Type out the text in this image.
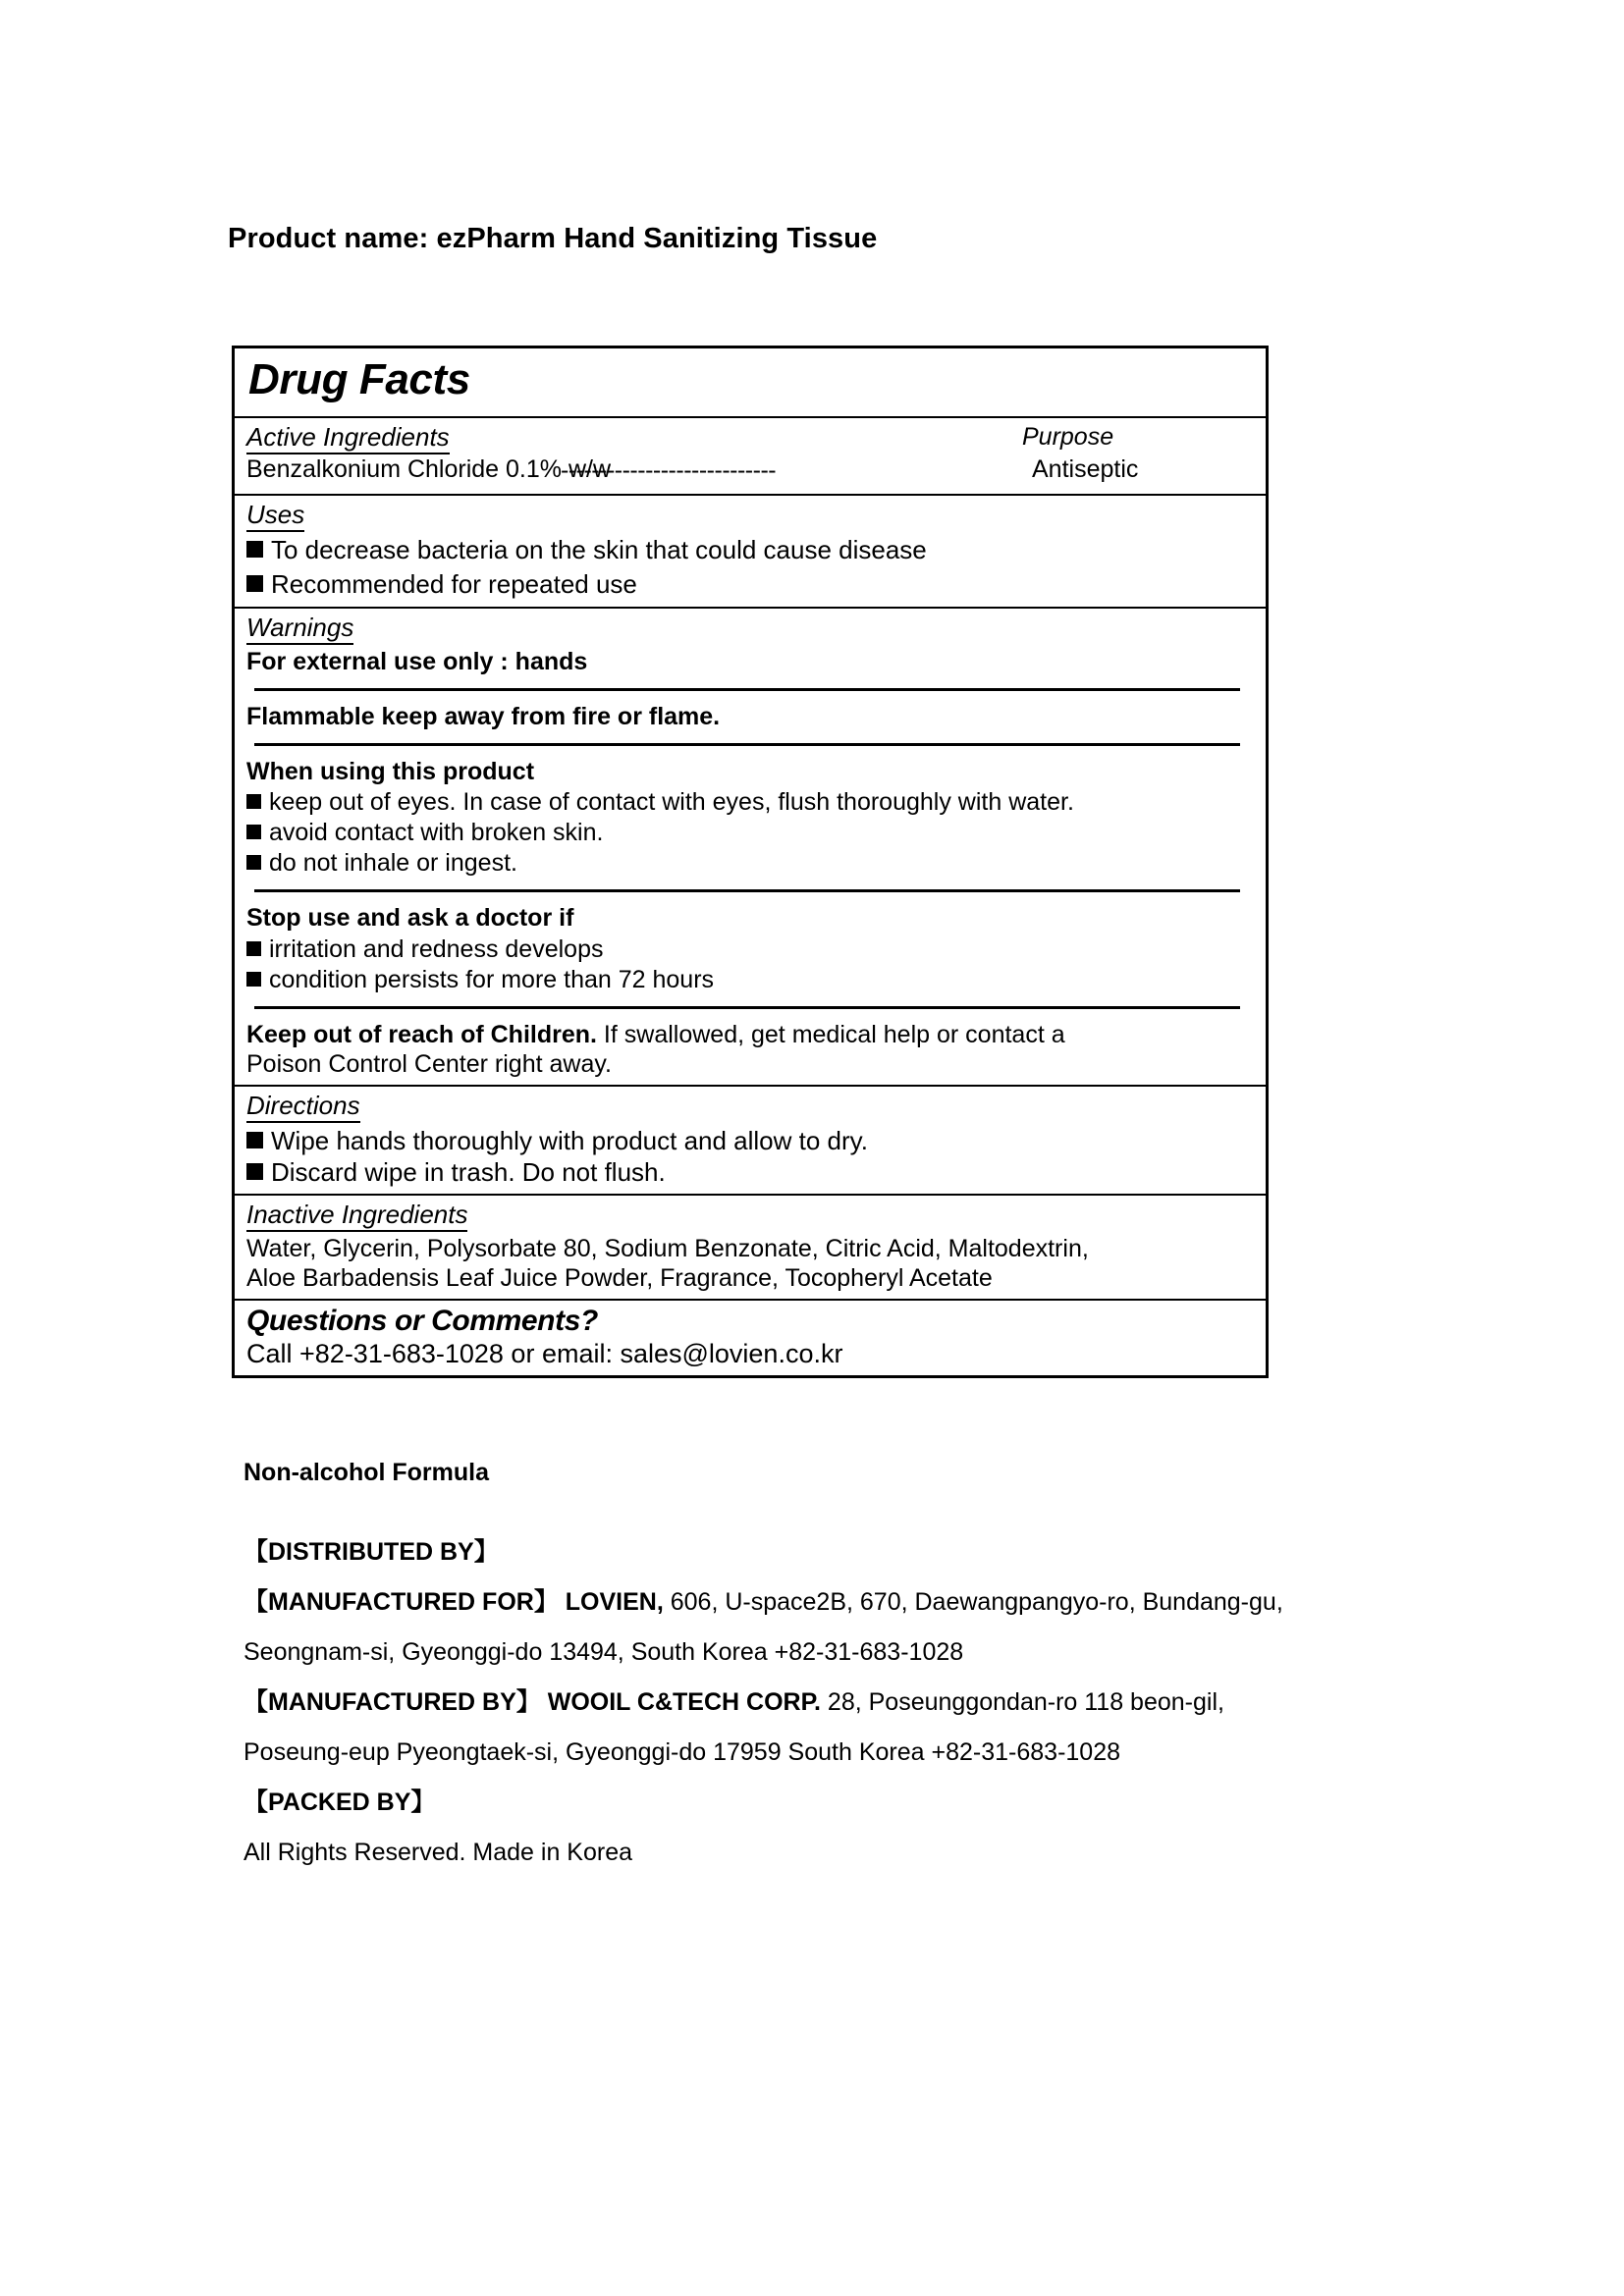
Product name: ezPharm Hand Sanitizing Tissue
Drug Facts
Active Ingredients	Purpose
Benzalkonium Chloride 0.1% w/w
----------------------------	Antiseptic
Uses
To decrease bacteria on the skin that could cause disease
Recommended for repeated use
Warnings
For external use only : hands
Flammable keep away from fire or flame.
When using this product
keep out of eyes. In case of contact with eyes, flush thoroughly with water.
avoid contact with broken skin.
do not inhale or ingest.
Stop use and ask a doctor if
irritation and redness develops
condition persists for more than 72 hours
Keep out of reach of Children. If swallowed, get medical help or contact a
Poison Control Center right away.
Directions
Wipe hands thoroughly with product and allow to dry.
Discard wipe in trash. Do not flush.
Inactive Ingredients
Water, Glycerin, Polysorbate 80, Sodium Benzonate, Citric Acid, Maltodextrin,
Aloe Barbadensis Leaf Juice Powder, Fragrance, Tocopheryl Acetate
Questions or Comments?
Call +82-31-683-1028 or email: sales@lovien.co.kr
Non-alcohol Formula
【DISTRIBUTED BY】
【MANUFACTURED FOR】 LOVIEN, 606, U-space2B, 670, Daewangpangyo-ro, Bundang-gu,
Seongnam-si, Gyeonggi-do 13494, South Korea +82-31-683-1028
【MANUFACTURED BY】 WOOIL C&TECH CORP. 28, Poseunggondan-ro 118 beon-gil,
Poseung-eup Pyeongtaek-si, Gyeonggi-do 17959 South Korea +82-31-683-1028
【PACKED BY】
All Rights Reserved. Made in Korea
